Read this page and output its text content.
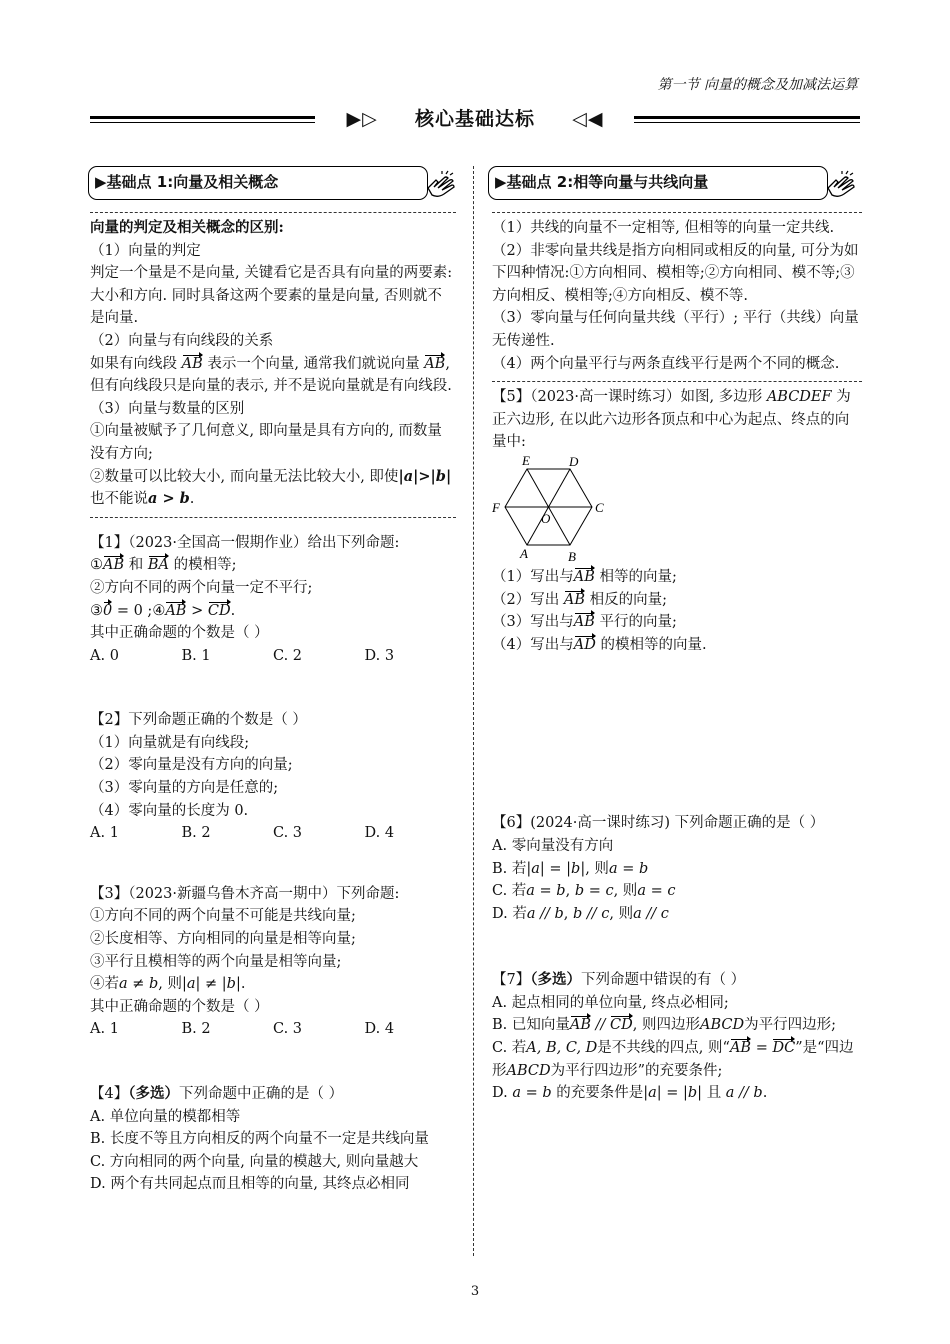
第一节 向量的概念及加减法运算
▶▷ 核心基础达标 ◁◀
▶基础点 1:向量及相关概念	▶基础点 2:相等向量与共线向量

向量的判定及相关概念的区别:

（1）向量的判定

判定一个量是不是向量, 关键看它是否具有向量的两要素: 大小和方向. 同时具备这两个要素的量是向量, 否则就不是向量.

（2）向量与有向线段的关系

如果有向线段 AB 表示一个向量, 通常我们就说向量 AB, 但有向线段只是向量的表示, 并不是说向量就是有向线段.

（3）向量与数量的区别

①向量被赋予了几何意义, 即向量是具有方向的, 而数量没有方向;

②数量可以比较大小, 而向量无法比较大小, 即使|a|>|b| 也不能说a > b.

【1】（2023·全国高一假期作业）给出下列命题:

①AB 和 BA 的模相等;

②方向不同的两个向量一定不平行;

③0 = 0 ;④AB > CD.

其中正确命题的个数是（ ）

A. 0	B. 1	C. 2	D. 3

【2】下列命题正确的个数是（ ）

（1）向量就是有向线段;

（2）零向量是没有方向的向量;

（3）零向量的方向是任意的;

（4）零向量的长度为 0.

A. 1	B. 2	C. 3	D. 4

【3】（2023·新疆乌鲁木齐高一期中）下列命题:

①方向不同的两个向量不可能是共线向量;

②长度相等、方向相同的向量是相等向量;

③平行且模相等的两个向量是相等向量;

④若a ≠ b, 则|a| ≠ |b|.

其中正确命题的个数是（ ）

A. 1	B. 2	C. 3	D. 4

【4】（多选）下列命题中正确的是（ ）

A. 单位向量的模都相等

B. 长度不等且方向相反的两个向量不一定是共线向量

C. 方向相同的两个向量, 向量的模越大, 则向量越大

D. 两个有共同起点而且相等的向量, 其终点必相同

（1）共线的向量不一定相等, 但相等的向量一定共线.

（2）非零向量共线是指方向相同或相反的向量, 可分为如下四种情况:①方向相同、模相等;②方向相同、模不等;③方向相反、模相等;④方向相反、模不等.

（3）零向量与任何向量共线（平行）; 平行（共线）向量无传递性.

（4）两个向量平行与两条直线平行是两个不同的概念.

【5】（2023·高一课时练习）如图, 多边形 ABCDEF 为正六边形, 在以此六边形各顶点和中心为起点、终点的向量中:

E	D
C
F
O
A	B

（1）写出与AB 相等的向量;

（2）写出 AB 相反的向量;

（3）写出与AB 平行的向量;

（4）写出与AD 的模相等的向量.

【6】(2024·高一课时练习) 下列命题正确的是（ ）

A. 零向量没有方向

B. 若|a| = |b|, 则a = b

C. 若a = b, b = c, 则a = c

D. 若a // b, b // c, 则a // c

【7】（多选）下列命题中错误的有（ ）

A. 起点相同的单位向量, 终点必相同;

B. 已知向量AB // CD, 则四边形ABCD为平行四边形;

C. 若A, B, C, D是不共线的四点, 则“AB = DC”是“四边形ABCD为平行四边形”的充要条件;

D. a = b 的充要条件是|a| = |b| 且 a // b.

3
